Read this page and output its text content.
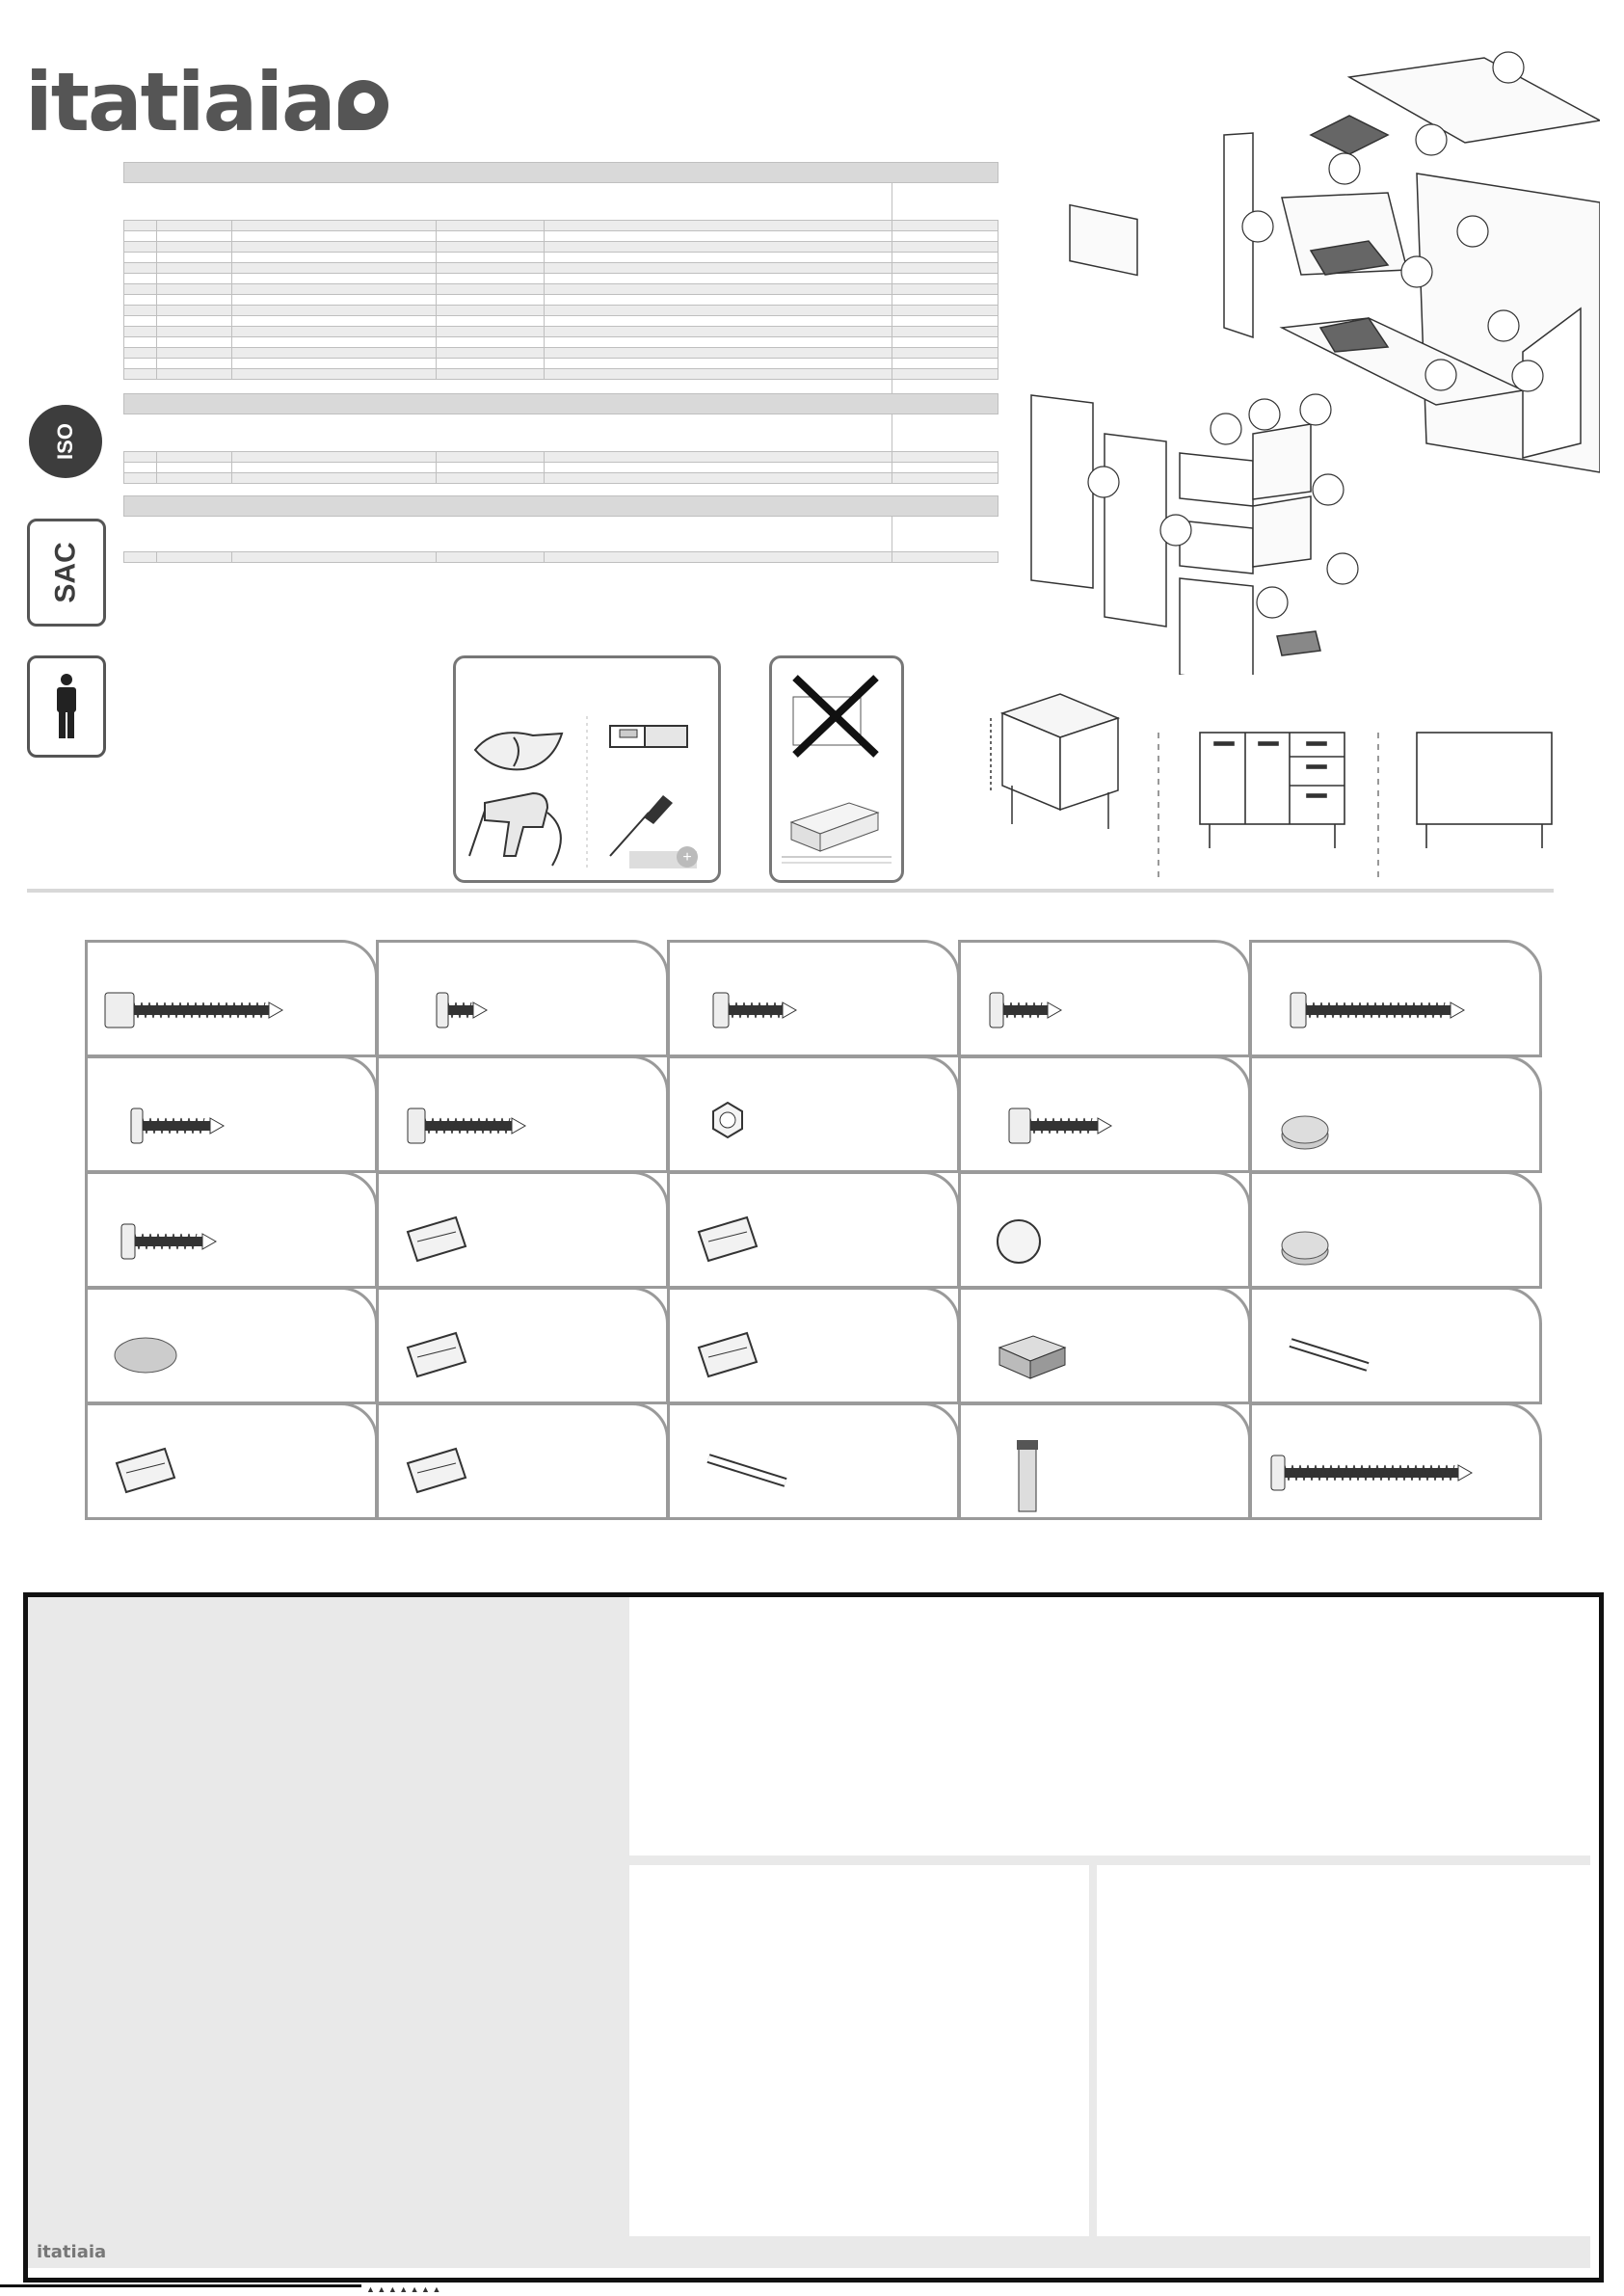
itatiaia

ISO
SAC
+
itatiaia
▲ ▲ ▲ ▲ ▲ ▲ ▲
